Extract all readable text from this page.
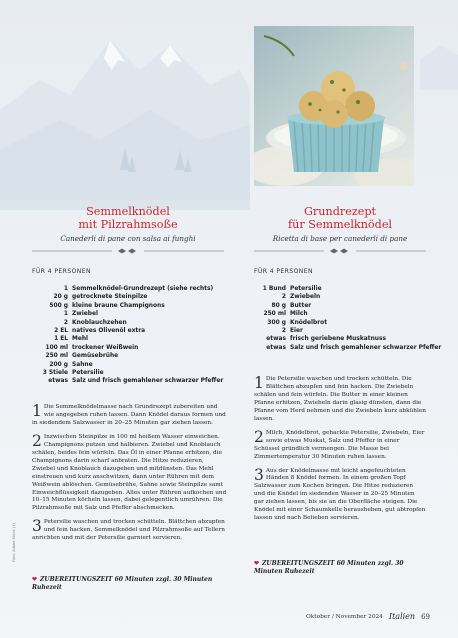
Semmelknödel
mit Pilzrahmsoße
Canederli di pane con salsa ai funghi
FÜR 4 PERSONEN
1 Semmelknödel-Grundrezept (siehe rechts)
20 g getrocknete Steinpilze
500 g kleine braune Champignons
1 Zwiebel
2 Knoblauchzehen
2 EL natives Olivenöl extra
1 EL Mehl
100 ml trockener Weißwein
250 ml Gemüsebrühe
200 g Sahne
3 Stiele Petersilie
etwas Salz und frisch gemahlener schwarzer Pfeffer
1 Die Semmelknödelmasse nach Grundrezept zubereiten und wie angegeben ruhen lassen. Dann Knödel daraus formen und in siedendem Salzwasser in 20–25 Minuten gar ziehen lassen.
2 Inzwischen Steinpilze in 100 ml heißem Wasser einweichen. Champignons putzen und halbieren. Zwiebel und Knoblauch schälen, beides fein würfeln. Das Öl in einer Pfanne erhitzen, die Champignons darin scharf anbraten. Die Hitze reduzieren, Zwiebel und Knoblauch dazugeben und mitdünsten. Das Mehl einstreuen und kurz anschwitzen, dann unter Rühren mit dem Weißwein ablöschen. Gemüsebrühe, Sahne sowie Steinpilze samt Einweichflüssigkeit dazugeben. Alles unter Rühren aufkochen und 10–15 Minuten köcheln lassen, dabei gelegentlich umrühren. Die Pilzrahmsoße mit Salz und Pfeffer abschmecken.
3 Petersilie waschen und trocken schütteln. Blättchen abzupfen und fein hacken. Semmelknödel und Pilzrahmsoße auf Tellern anrichten und mit der Petersilie garniert servieren.
❤ ZUBEREITUNGSZEIT 60 Minuten zzgl. 30 Minuten Ruhezeit
Grundrezept
für Semmelknödel
Ricetta di base per canederli di pane
FÜR 4 PERSONEN
1 Bund Petersilie
2 Zwiebeln
80 g Butter
250 ml Milch
300 g Knödelbrot
2 Eier
etwas frisch geriebene Muskatnuss
etwas Salz und frisch gemahlener schwarzer Pfeffer
1 Die Petersilie waschen und trocken schütteln. Die Blättchen abzupfen und fein hacken. Die Zwiebeln schälen und fein würfeln. Die Butter in einer kleinen Pfanne erhitzen, Zwiebeln darin glasig dünsten, dann die Pfanne vom Herd nehmen und die Zwiebeln kurz abkühlen lassen.
2 Milch, Knödelbrot, gehackte Petersilie, Zwiebeln, Eier sowie etwas Muskat, Salz und Pfeffer in einer Schüssel gründlich vermengen. Die Masse bei Zimmertemperatur 30 Minuten ruhen lassen.
3 Aus der Knödelmasse mit leicht angefeuchteten Händen 8 Knödel formen. In einem großen Topf Salzwasser zum Kochen bringen. Die Hitze reduzieren und die Knödel im siedenden Wasser in 20–25 Minuten gar ziehen lassen, bis sie an die Oberfläche steigen. Die Knödel mit einer Schaumkelle herausheben, gut abtropfen lassen und nach Belieben servieren.
❤ ZUBEREITUNGSZEIT 60 Minuten zzgl. 30 Minuten Ruhezeit
Foto: Adobe Stock (1)
Oktober / November 2024 Italien 69
